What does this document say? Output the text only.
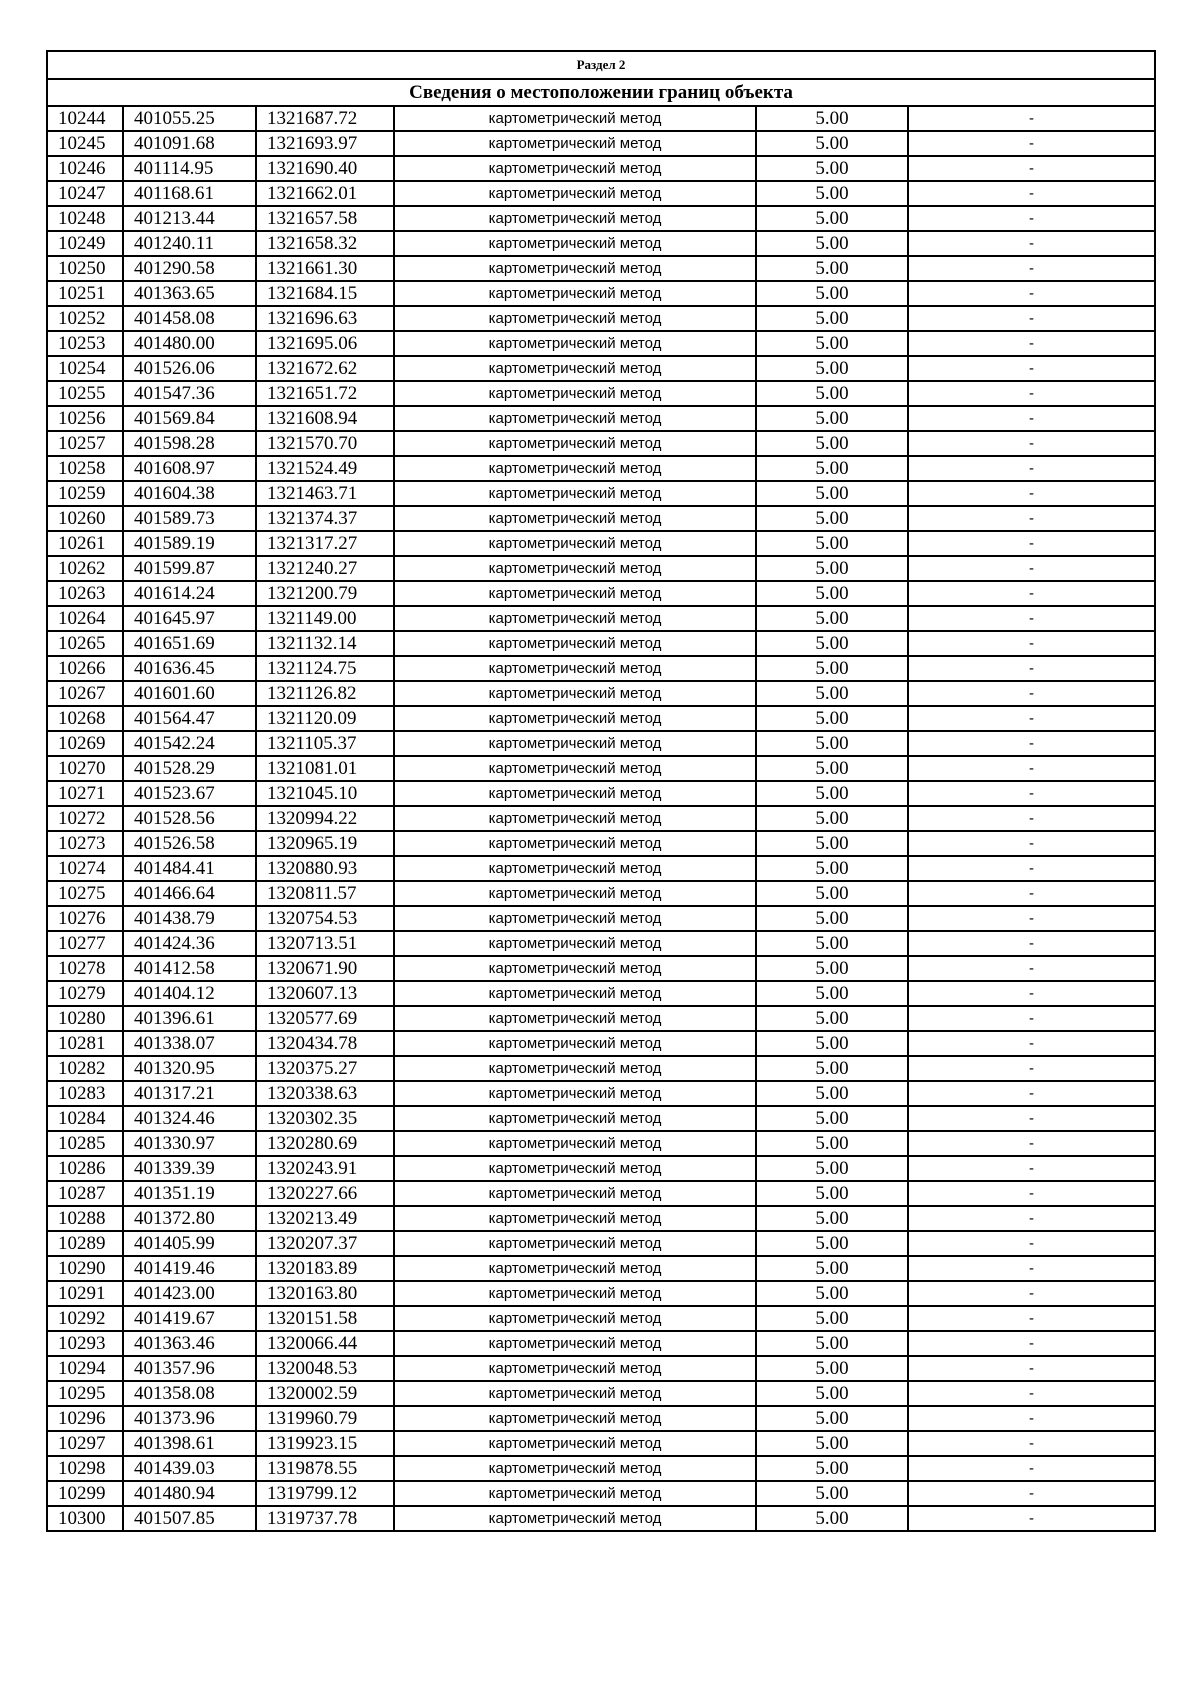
Раздел 2					
Сведения о местоположении границ объекта					
10244	401055.25	1321687.72	картометрический метод	5.00	-
10245	401091.68	1321693.97	картометрический метод	5.00	-
10246	401114.95	1321690.40	картометрический метод	5.00	-
10247	401168.61	1321662.01	картометрический метод	5.00	-
10248	401213.44	1321657.58	картометрический метод	5.00	-
10249	401240.11	1321658.32	картометрический метод	5.00	-
10250	401290.58	1321661.30	картометрический метод	5.00	-
10251	401363.65	1321684.15	картометрический метод	5.00	-
10252	401458.08	1321696.63	картометрический метод	5.00	-
10253	401480.00	1321695.06	картометрический метод	5.00	-
10254	401526.06	1321672.62	картометрический метод	5.00	-
10255	401547.36	1321651.72	картометрический метод	5.00	-
10256	401569.84	1321608.94	картометрический метод	5.00	-
10257	401598.28	1321570.70	картометрический метод	5.00	-
10258	401608.97	1321524.49	картометрический метод	5.00	-
10259	401604.38	1321463.71	картометрический метод	5.00	-
10260	401589.73	1321374.37	картометрический метод	5.00	-
10261	401589.19	1321317.27	картометрический метод	5.00	-
10262	401599.87	1321240.27	картометрический метод	5.00	-
10263	401614.24	1321200.79	картометрический метод	5.00	-
10264	401645.97	1321149.00	картометрический метод	5.00	-
10265	401651.69	1321132.14	картометрический метод	5.00	-
10266	401636.45	1321124.75	картометрический метод	5.00	-
10267	401601.60	1321126.82	картометрический метод	5.00	-
10268	401564.47	1321120.09	картометрический метод	5.00	-
10269	401542.24	1321105.37	картометрический метод	5.00	-
10270	401528.29	1321081.01	картометрический метод	5.00	-
10271	401523.67	1321045.10	картометрический метод	5.00	-
10272	401528.56	1320994.22	картометрический метод	5.00	-
10273	401526.58	1320965.19	картометрический метод	5.00	-
10274	401484.41	1320880.93	картометрический метод	5.00	-
10275	401466.64	1320811.57	картометрический метод	5.00	-
10276	401438.79	1320754.53	картометрический метод	5.00	-
10277	401424.36	1320713.51	картометрический метод	5.00	-
10278	401412.58	1320671.90	картометрический метод	5.00	-
10279	401404.12	1320607.13	картометрический метод	5.00	-
10280	401396.61	1320577.69	картометрический метод	5.00	-
10281	401338.07	1320434.78	картометрический метод	5.00	-
10282	401320.95	1320375.27	картометрический метод	5.00	-
10283	401317.21	1320338.63	картометрический метод	5.00	-
10284	401324.46	1320302.35	картометрический метод	5.00	-
10285	401330.97	1320280.69	картометрический метод	5.00	-
10286	401339.39	1320243.91	картометрический метод	5.00	-
10287	401351.19	1320227.66	картометрический метод	5.00	-
10288	401372.80	1320213.49	картометрический метод	5.00	-
10289	401405.99	1320207.37	картометрический метод	5.00	-
10290	401419.46	1320183.89	картометрический метод	5.00	-
10291	401423.00	1320163.80	картометрический метод	5.00	-
10292	401419.67	1320151.58	картометрический метод	5.00	-
10293	401363.46	1320066.44	картометрический метод	5.00	-
10294	401357.96	1320048.53	картометрический метод	5.00	-
10295	401358.08	1320002.59	картометрический метод	5.00	-
10296	401373.96	1319960.79	картометрический метод	5.00	-
10297	401398.61	1319923.15	картометрический метод	5.00	-
10298	401439.03	1319878.55	картометрический метод	5.00	-
10299	401480.94	1319799.12	картометрический метод	5.00	-
10300	401507.85	1319737.78	картометрический метод	5.00	-
